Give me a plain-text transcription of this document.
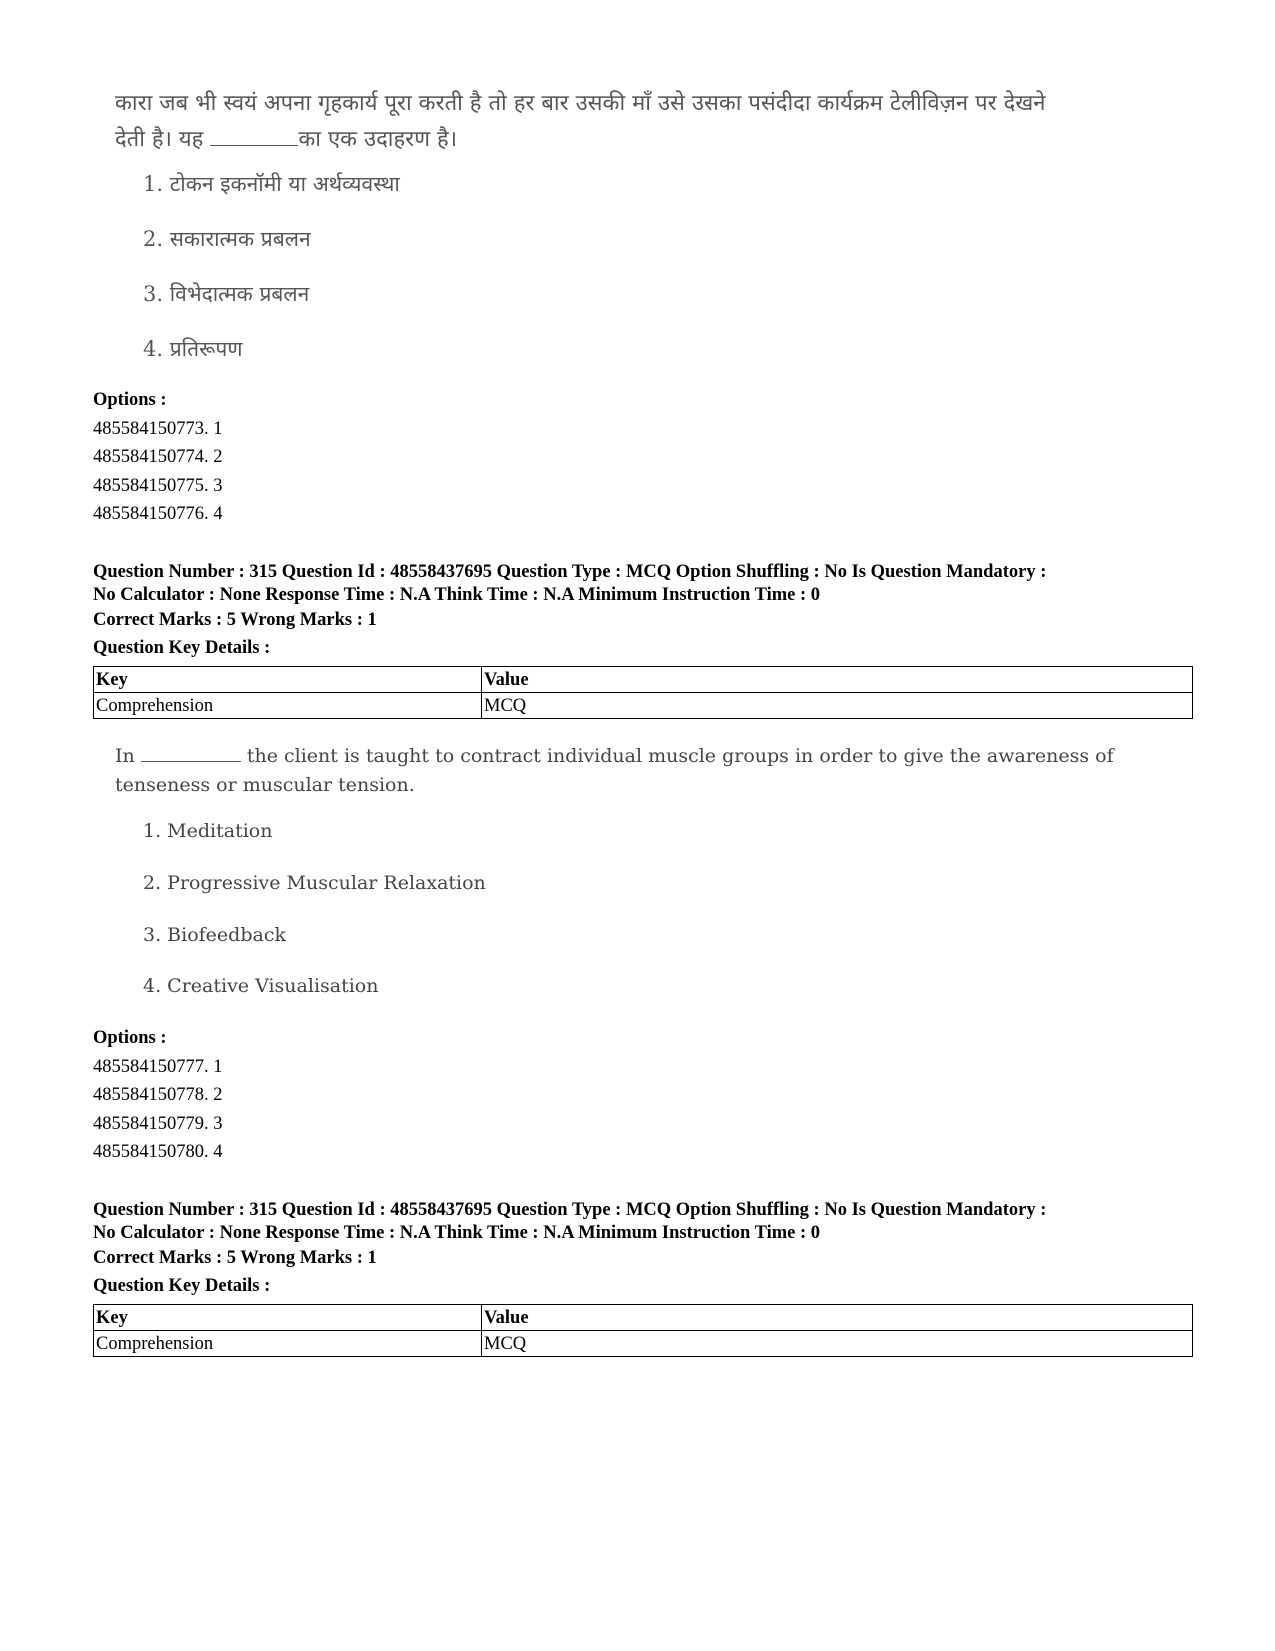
कारा जब भी स्वयं अपना गृहकार्य पूरा करती है तो हर बार उसकी माँ उसे उसका पसंदीदा कार्यक्रम टेलीविज़न पर देखने

देती है। यह	का एक उदाहरण है।

1. टोकन इकनॉमी या अर्थव्यवस्था
2. सकारात्मक प्रबलन
3. विभेदात्मक प्रबलन
4. प्रतिरूपण
Options :
485584150773. 1
485584150774. 2
485584150775. 3
485584150776. 4
Question Number : 315 Question Id : 48558437695 Question Type : MCQ Option Shuffling : No Is Question Mandatory :
No Calculator : None Response Time : N.A Think Time : N.A Minimum Instruction Time : 0
Correct Marks : 5 Wrong Marks : 1
Question Key Details :
Key	Value
Comprehension	MCQ

In	the client is taught to contract individual muscle groups in order to give the awareness of

tenseness or muscular tension.

1. Meditation
2. Progressive Muscular Relaxation
3. Biofeedback
4. Creative Visualisation
Options :
485584150777. 1
485584150778. 2
485584150779. 3
485584150780. 4
Question Number : 315 Question Id : 48558437695 Question Type : MCQ Option Shuffling : No Is Question Mandatory :
No Calculator : None Response Time : N.A Think Time : N.A Minimum Instruction Time : 0
Correct Marks : 5 Wrong Marks : 1
Question Key Details :
Key	Value
Comprehension	MCQ
